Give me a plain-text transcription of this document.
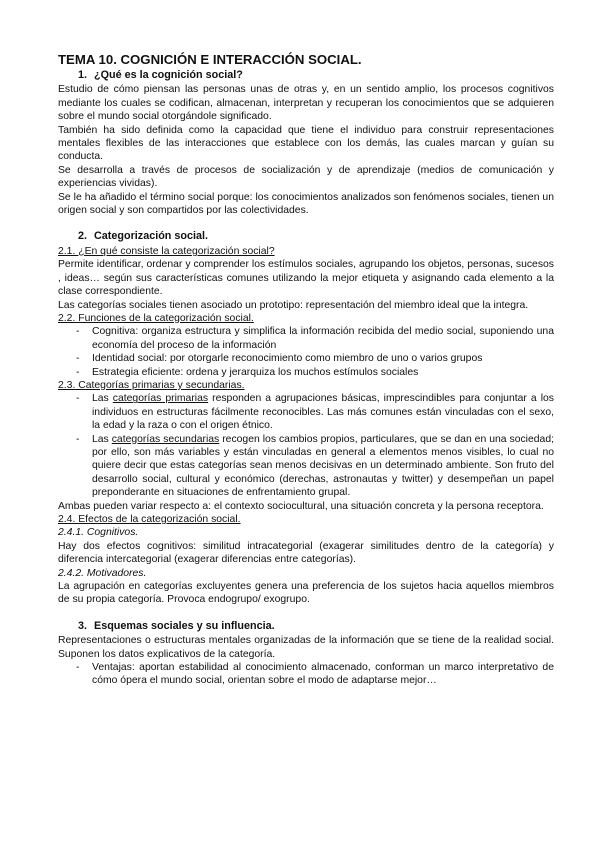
TEMA 10. COGNICIÓN E INTERACCIÓN SOCIAL.
1. ¿Qué es la cognición social?

Estudio de cómo piensan las personas unas de otras y, en un sentido amplio, los procesos cognitivos mediante los cuales se codifican, almacenan, interpretan y recuperan los conocimientos que se adquieren sobre el mundo social otorgándole significado.

También ha sido definida como la capacidad que tiene el individuo para construir representaciones mentales flexibles de las interacciones que establece con los demás, las cuales marcan y guían su conducta.

Se desarrolla a través de procesos de socialización y de aprendizaje (medios de comunicación y experiencias vividas).

Se le ha añadido el término social porque: los conocimientos analizados son fenómenos sociales, tienen un origen social y son compartidos por las colectividades.

2. Categorización social.

2.1. ¿En qué consiste la categorización social?

Permite identificar, ordenar y comprender los estímulos sociales, agrupando los objetos, personas, sucesos , ideas… según sus características comunes utilizando la mejor etiqueta y asignando cada elemento a la clase correspondiente.

Las categorías sociales tienen asociado un prototipo: representación del miembro ideal que la integra.

2.2. Funciones de la categorización social.

- Cognitiva: organiza estructura y simplifica la información recibida del medio social, suponiendo una economía del proceso de la información
- Identidad social: por otorgarle reconocimiento como miembro de uno o varios grupos
- Estrategia eficiente: ordena y jerarquiza los muchos estímulos sociales

2.3. Categorías primarias y secundarias.

- Las categorías primarias responden a agrupaciones básicas, imprescindibles para conjuntar a los individuos en estructuras fácilmente reconocibles. Las más comunes están vinculadas con el sexo, la edad y la raza o con el origen étnico.
- Las categorías secundarias recogen los cambios propios, particulares, que se dan en una sociedad; por ello, son más variables y están vinculadas en general a elementos menos visibles, lo cual no quiere decir que estas categorías sean menos decisivas en un determinado ambiente. Son fruto del desarrollo social, cultural y económico (derechas, astronautas y twitter) y desempeñan un papel preponderante en situaciones de enfrentamiento grupal.

Ambas pueden variar respecto a: el contexto sociocultural, una situación concreta y la persona receptora.

2.4. Efectos de la categorización social.

2.4.1. Cognitivos.

Hay dos efectos cognitivos: similitud intracategorial (exagerar similitudes dentro de la categoría) y diferencia intercategorial (exagerar diferencias entre categorías).

2.4.2. Motivadores.

La agrupación en categorías excluyentes genera una preferencia de los sujetos hacia aquellos miembros de su propia categoría. Provoca endogrupo/ exogrupo.

3. Esquemas sociales y su influencia.

Representaciones o estructuras mentales organizadas de la información que se tiene de la realidad social. Suponen los datos explicativos de la categoría.

- Ventajas: aportan estabilidad al conocimiento almacenado, conforman un marco interpretativo de cómo ópera el mundo social, orientan sobre el modo de adaptarse mejor…
